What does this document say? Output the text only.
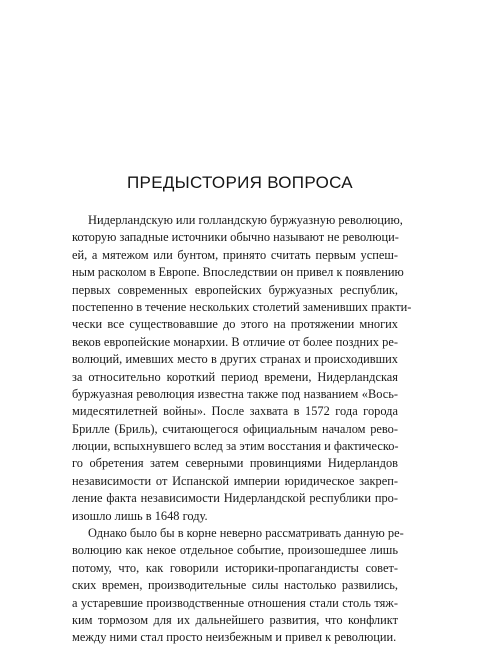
ПРЕДЫСТОРИЯ ВОПРОСА
Нидерландскую или голландскую буржуазную революцию,
которую западные источники обычно называют не революци-
ей, а мятежом или бунтом, принято считать первым успеш-
ным расколом в Европе. Впоследствии он привел к появлению
первых современных европейских буржуазных республик,
постепенно в течение нескольких столетий заменивших практи-
чески все существовавшие до этого на протяжении многих
веков европейские монархии. В отличие от более поздних ре-
волюций, имевших место в других странах и происходивших
за относительно короткий период времени, Нидерландская
буржуазная революция известна также под названием «Вось-
мидесятилетней войны». После захвата в 1572 года города
Брилле (Бриль), считающегося официальным началом рево-
люции, вспыхнувшего вслед за этим восстания и фактическо-
го обретения затем северными провинциями Нидерландов
независимости от Испанской империи юридическое закреп-
ление факта независимости Нидерландской республики про-
изошло лишь в 1648 году.
Однако было бы в корне неверно рассматривать данную ре-
волюцию как некое отдельное событие, произошедшее лишь
потому, что, как говорили историки-пропагандисты совет-
ских времен, производительные силы настолько развились,
а устаревшие производственные отношения стали столь тяж-
ким тормозом для их дальнейшего развития, что конфликт
между ними стал просто неизбежным и привел к революции.
